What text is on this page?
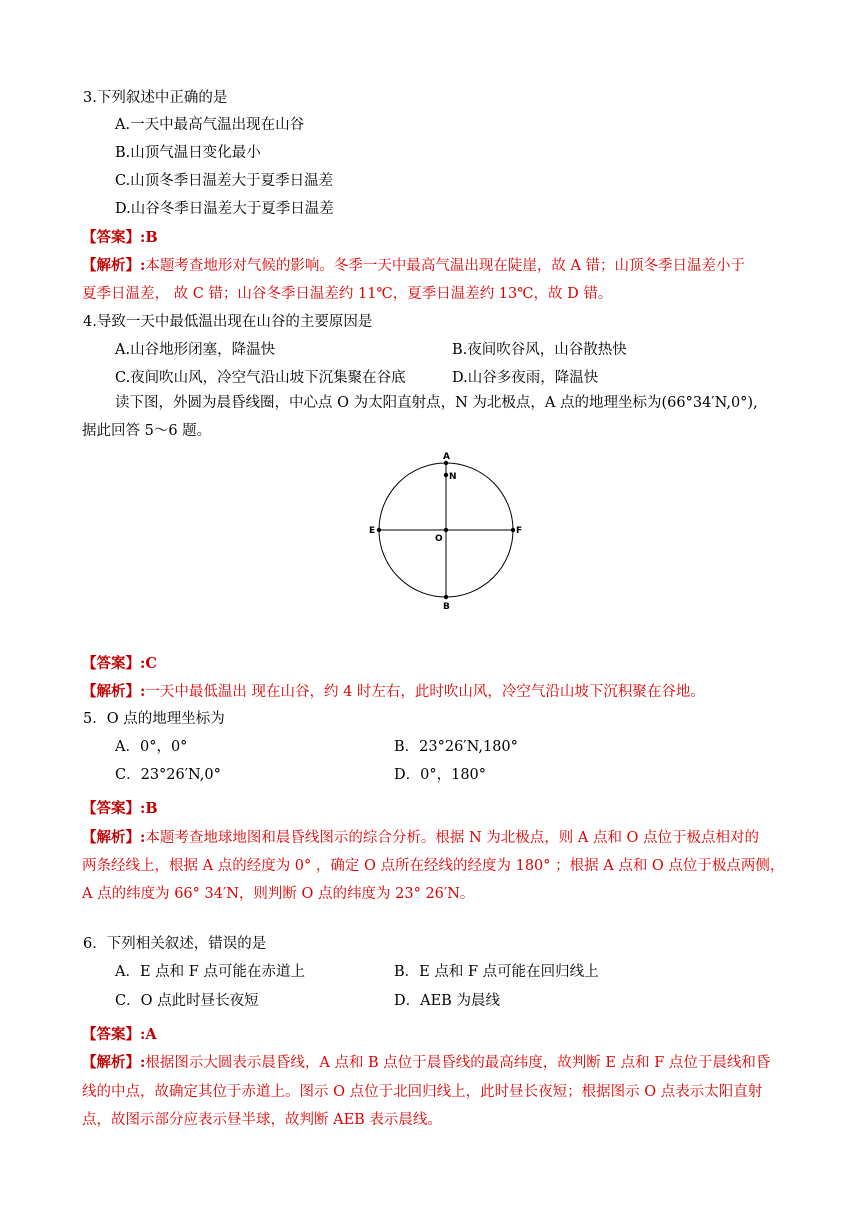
3.下列叙述中正确的是
A.一天中最高气温出现在山谷
B.山顶气温日变化最小
C.山顶冬季日温差大于夏季日温差
D.山谷冬季日温差大于夏季日温差
【答案】:B
【解析】:本题考查地形对气候的影响。冬季一天中最高气温出现在陡崖，故 A 错；山顶冬季日温差小于
夏季日温差， 故 C 错；山谷冬季日温差约 11℃，夏季日温差约 13℃，故 D 错。
4.导致一天中最低温出现在山谷的主要原因是
A.山谷地形闭塞，降温快	B.夜间吹谷风，山谷散热快
C.夜间吹山风，冷空气沿山坡下沉集聚在谷底	D.山谷多夜雨，降温快
读下图，外圆为晨昏线圈，中心点 O 为太阳直射点，N 为北极点，A 点的地理坐标为(66°34′N,0°),
据此回答 5～6 题。
A
N
E
O
F
B
【答案】:C
【解析】:一天中最低温出 现在山谷，约 4 时左右，此时吹山风，冷空气沿山坡下沉积聚在谷地。
5．O 点的地理坐标为
A．0°，0°	B．23°26′N,180°
C．23°26′N,0°	D．0°，180°
【答案】:B
【解析】:本题考查地球地图和晨昏线图示的综合分析。根据 N 为北极点，则 A 点和 O 点位于极点相对的
两条经线上，根据 A 点的经度为 0° ，确定 O 点所在经线的经度为 180° ；根据 A 点和 O 点位于极点两侧，
A 点的纬度为 66° 34′N，则判断 O 点的纬度为 23° 26′N。
6．下列相关叙述，错误的是
A．E 点和 F 点可能在赤道上	B．E 点和 F 点可能在回归线上
C．O 点此时昼长夜短	D．AEB 为晨线
【答案】:A
【解析】:根据图示大圆表示晨昏线，A 点和 B 点位于晨昏线的最高纬度，故判断 E 点和 F 点位于晨线和昏
线的中点，故确定其位于赤道上。图示 O 点位于北回归线上，此时昼长夜短；根据图示 O 点表示太阳直射
点，故图示部分应表示昼半球，故判断 AEB 表示晨线。
